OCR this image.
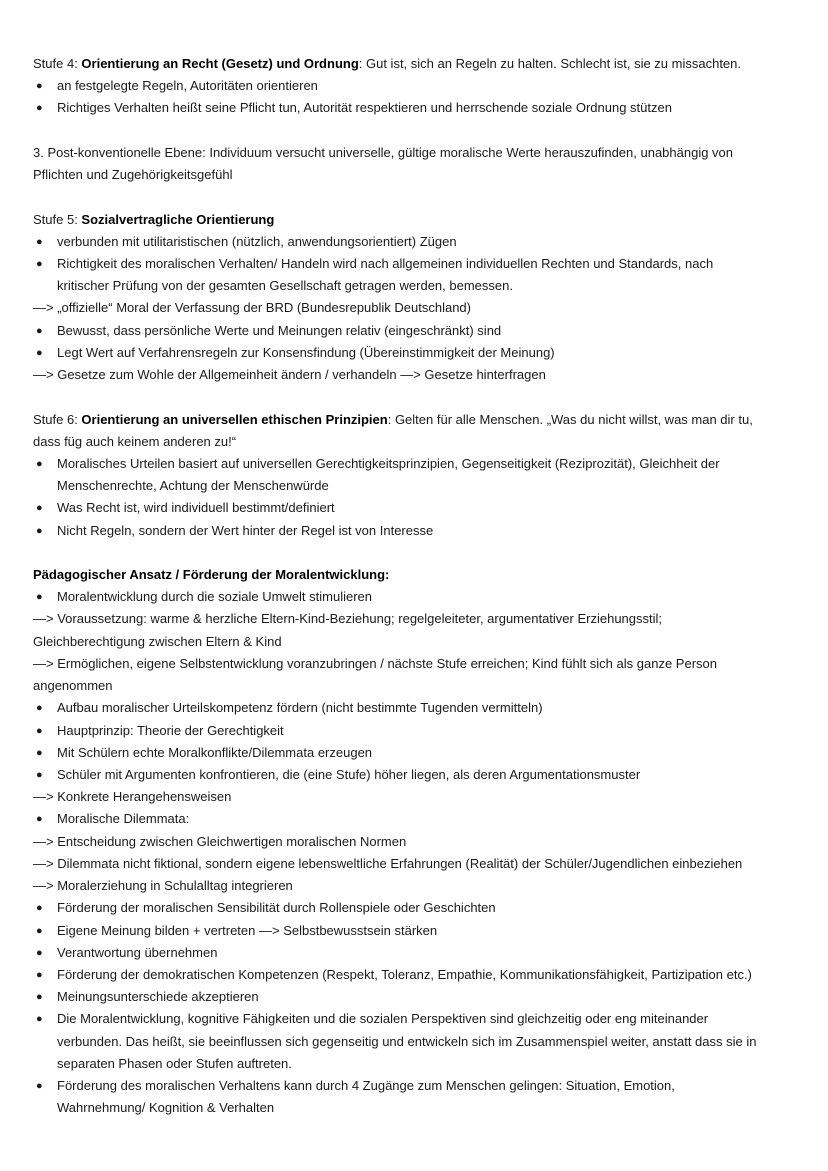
Stufe 4: Orientierung an Recht (Gesetz) und Ordnung: Gut ist, sich an Regeln zu halten. Schlecht ist, sie zu missachten.
● an festgelegte Regeln, Autoritäten orientieren
● Richtiges Verhalten heißt seine Pflicht tun, Autorität respektieren und herrschende soziale Ordnung stützen
3. Post-konventionelle Ebene: Individuum versucht universelle, gültige moralische Werte herauszufinden, unabhängig von
Pflichten und Zugehörigkeitsgefühl
Stufe 5: Sozialvertragliche Orientierung
● verbunden mit utilitaristischen (nützlich, anwendungsorientiert) Zügen
● Richtigkeit des moralischen Verhalten/ Handeln wird nach allgemeinen individuellen Rechten und Standards, nach
kritischer Prüfung von der gesamten Gesellschaft getragen werden, bemessen.
—> „offizielle“ Moral der Verfassung der BRD (Bundesrepublik Deutschland)
● Bewusst, dass persönliche Werte und Meinungen relativ (eingeschränkt) sind
● Legt Wert auf Verfahrensregeln zur Konsensfindung (Übereinstimmigkeit der Meinung)
—> Gesetze zum Wohle der Allgemeinheit ändern / verhandeln —> Gesetze hinterfragen
Stufe 6: Orientierung an universellen ethischen Prinzipien: Gelten für alle Menschen. „Was du nicht willst, was man dir tu,
dass füg auch keinem anderen zu!“
● Moralisches Urteilen basiert auf universellen Gerechtigkeitsprinzipien, Gegenseitigkeit (Reziprozität), Gleichheit der
Menschenrechte, Achtung der Menschenwürde
● Was Recht ist, wird individuell bestimmt/definiert
● Nicht Regeln, sondern der Wert hinter der Regel ist von Interesse
Pädagogischer Ansatz / Förderung der Moralentwicklung:
● Moralentwicklung durch die soziale Umwelt stimulieren
—> Voraussetzung: warme & herzliche Eltern-Kind-Beziehung; regelgeleiteter, argumentativer Erziehungsstil;
Gleichberechtigung zwischen Eltern & Kind
—> Ermöglichen, eigene Selbstentwicklung voranzubringen / nächste Stufe erreichen; Kind fühlt sich als ganze Person
angenommen
● Aufbau moralischer Urteilskompetenz fördern (nicht bestimmte Tugenden vermitteln)
● Hauptprinzip: Theorie der Gerechtigkeit
● Mit Schülern echte Moralkonflikte/Dilemmata erzeugen
● Schüler mit Argumenten konfrontieren, die (eine Stufe) höher liegen, als deren Argumentationsmuster
—> Konkrete Herangehensweisen
● Moralische Dilemmata:
—> Entscheidung zwischen Gleichwertigen moralischen Normen
—> Dilemmata nicht fiktional, sondern eigene lebensweltliche Erfahrungen (Realität) der Schüler/Jugendlichen einbeziehen
—> Moralerziehung in Schulalltag integrieren
● Förderung der moralischen Sensibilität durch Rollenspiele oder Geschichten
● Eigene Meinung bilden + vertreten —> Selbstbewusstsein stärken
● Verantwortung übernehmen
● Förderung der demokratischen Kompetenzen (Respekt, Toleranz, Empathie, Kommunikationsfähigkeit, Partizipation etc.)
● Meinungsunterschiede akzeptieren
● Die Moralentwicklung, kognitive Fähigkeiten und die sozialen Perspektiven sind gleichzeitig oder eng miteinander
verbunden. Das heißt, sie beeinflussen sich gegenseitig und entwickeln sich im Zusammenspiel weiter, anstatt dass sie in
separaten Phasen oder Stufen auftreten.
● Förderung des moralischen Verhaltens kann durch 4 Zugänge zum Menschen gelingen: Situation, Emotion,
Wahrnehmung/ Kognition & Verhalten
